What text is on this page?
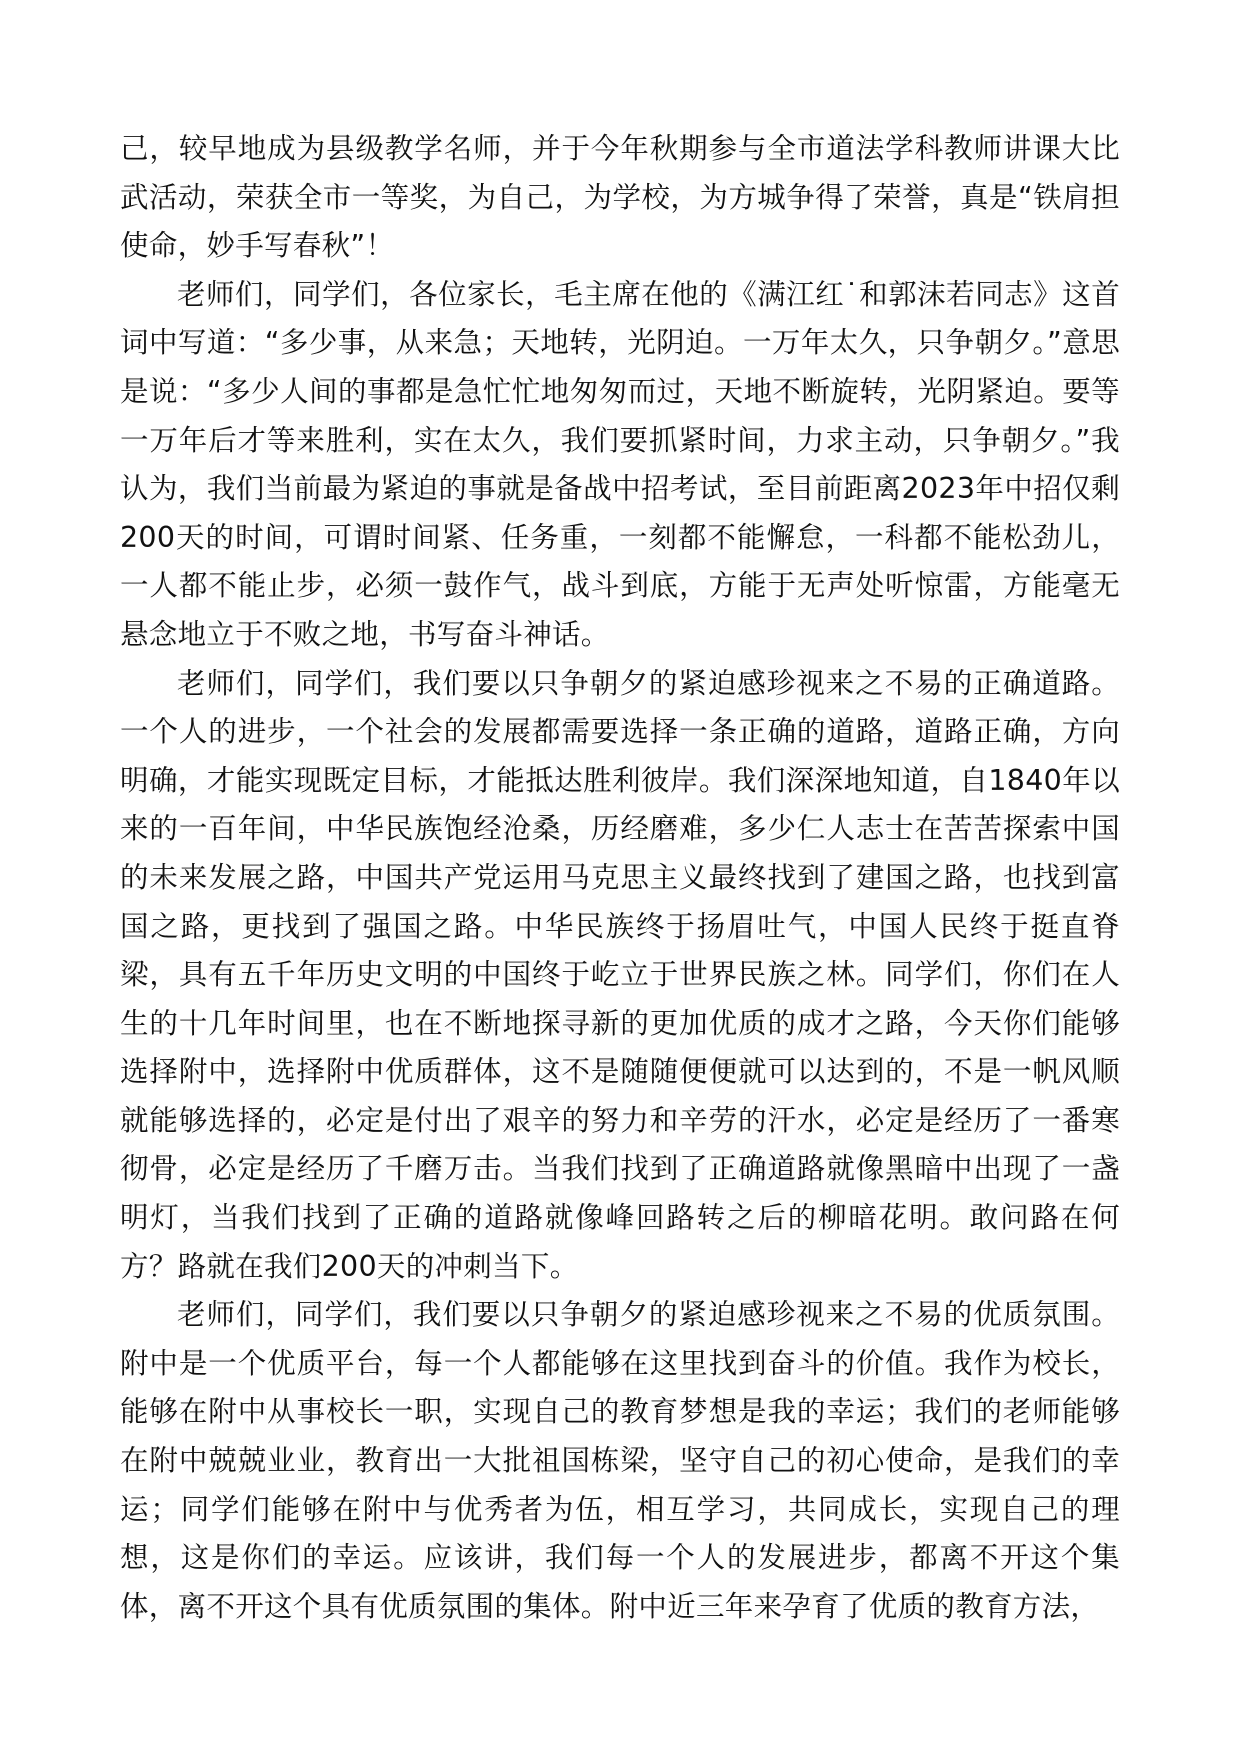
己，较早地成为县级教学名师，并于今年秋期参与全市道法学科教师讲课大比武活动，荣获全市一等奖，为自己，为学校，为方城争得了荣誉，真是“铁肩担使命，妙手写春秋”！

老师们，同学们，各位家长，毛主席在他的《满江红˙和郭沫若同志》这首词中写道：“多少事，从来急；天地转，光阴迫。一万年太久，只争朝夕。”意思是说：“多少人间的事都是急忙忙地匆匆而过，天地不断旋转，光阴紧迫。要等一万年后才等来胜利，实在太久，我们要抓紧时间，力求主动，只争朝夕。”我认为，我们当前最为紧迫的事就是备战中招考试，至目前距离2023年中招仅剩200天的时间，可谓时间紧、任务重，一刻都不能懈怠，一科都不能松劲儿，一人都不能止步，必须一鼓作气，战斗到底，方能于无声处听惊雷，方能毫无悬念地立于不败之地，书写奋斗神话。

老师们，同学们，我们要以只争朝夕的紧迫感珍视来之不易的正确道路。一个人的进步，一个社会的发展都需要选择一条正确的道路，道路正确，方向明确，才能实现既定目标，才能抵达胜利彼岸。我们深深地知道，自1840年以来的一百年间，中华民族饱经沧桑，历经磨难，多少仁人志士在苦苦探索中国的未来发展之路，中国共产党运用马克思主义最终找到了建国之路，也找到富国之路，更找到了强国之路。中华民族终于扬眉吐气，中国人民终于挺直脊梁，具有五千年历史文明的中国终于屹立于世界民族之林。同学们，你们在人生的十几年时间里，也在不断地探寻新的更加优质的成才之路，今天你们能够选择附中，选择附中优质群体，这不是随随便便就可以达到的，不是一帆风顺就能够选择的，必定是付出了艰辛的努力和辛劳的汗水，必定是经历了一番寒彻骨，必定是经历了千磨万击。当我们找到了正确道路就像黑暗中出现了一盏明灯，当我们找到了正确的道路就像峰回路转之后的柳暗花明。敢问路在何方？路就在我们200天的冲刺当下。

老师们，同学们，我们要以只争朝夕的紧迫感珍视来之不易的优质氛围。附中是一个优质平台，每一个人都能够在这里找到奋斗的价值。我作为校长，能够在附中从事校长一职，实现自己的教育梦想是我的幸运；我们的老师能够在附中兢兢业业，教育出一大批祖国栋梁，坚守自己的初心使命，是我们的幸运；同学们能够在附中与优秀者为伍，相互学习，共同成长，实现自己的理想，这是你们的幸运。应该讲，我们每一个人的发展进步，都离不开这个集体，离不开这个具有优质氛围的集体。附中近三年来孕育了优质的教育方法，
